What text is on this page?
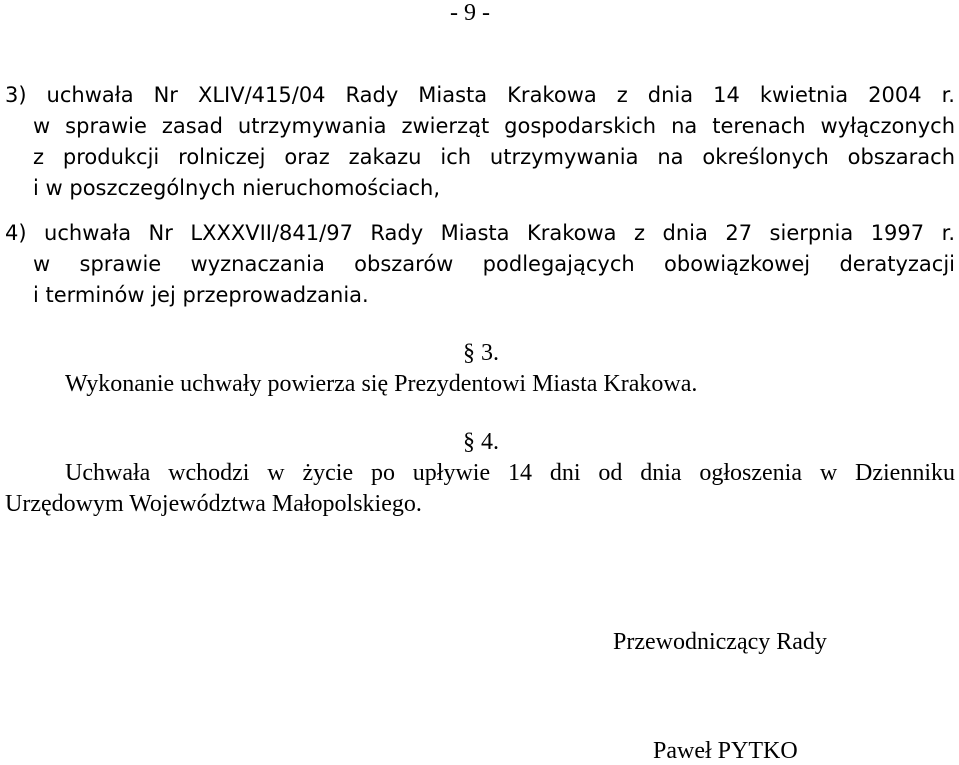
- 9 -
3) uchwała Nr XLIV/415/04 Rady Miasta Krakowa z dnia 14 kwietnia 2004 r.
w sprawie zasad utrzymywania zwierząt gospodarskich na terenach wyłączonych
z produkcji rolniczej oraz zakazu ich utrzymywania na określonych obszarach
i w poszczególnych nieruchomościach,
4) uchwała Nr LXXXVII/841/97 Rady Miasta Krakowa z dnia 27 sierpnia 1997 r.
w sprawie wyznaczania obszarów podlegających obowiązkowej deratyzacji
i terminów jej przeprowadzania.
§ 3.
Wykonanie uchwały powierza się Prezydentowi Miasta Krakowa.
§ 4.
Uchwała wchodzi w życie po upływie 14 dni od dnia ogłoszenia w Dzienniku
Urzędowym Województwa Małopolskiego.
Przewodniczący Rady
Paweł PYTKO
